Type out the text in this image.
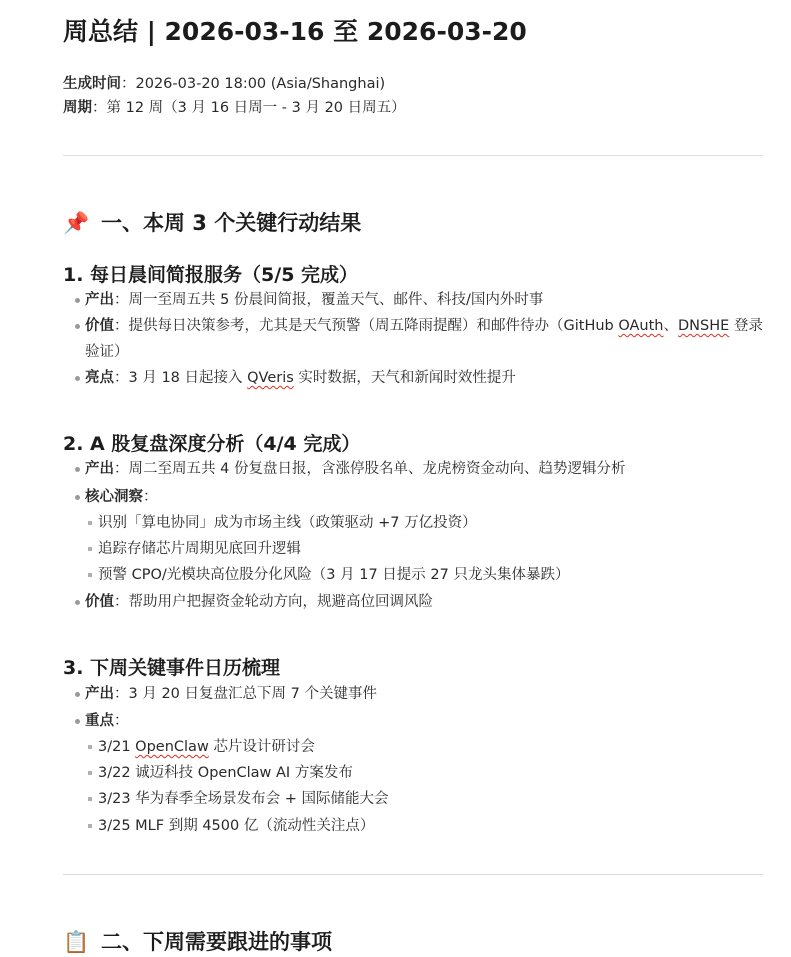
周总结 | 2026-03-16 至 2026-03-20
生成时间：2026-03-20 18:00 (Asia/Shanghai)
周期：第 12 周（3 月 16 日周一 - 3 月 20 日周五）
📌 一、本周 3 个关键行动结果
1. 每日晨间简报服务（5/5 完成）
产出：周一至周五共 5 份晨间简报，覆盖天气、邮件、科技/国内外时事
价值：提供每日决策参考，尤其是天气预警（周五降雨提醒）和邮件待办（GitHub OAuth、DNSHE 登录验证）
亮点：3 月 18 日起接入 QVeris 实时数据，天气和新闻时效性提升
2. A 股复盘深度分析（4/4 完成）
产出：周二至周五共 4 份复盘日报，含涨停股名单、龙虎榜资金动向、趋势逻辑分析
核心洞察：
识别「算电协同」成为市场主线（政策驱动 +7 万亿投资）
追踪存储芯片周期见底回升逻辑
预警 CPO/光模块高位股分化风险（3 月 17 日提示 27 只龙头集体暴跌）
价值：帮助用户把握资金轮动方向，规避高位回调风险
3. 下周关键事件日历梳理
产出：3 月 20 日复盘汇总下周 7 个关键事件
重点：
3/21 OpenClaw 芯片设计研讨会
3/22 诚迈科技 OpenClaw AI 方案发布
3/23 华为春季全场景发布会 + 国际储能大会
3/25 MLF 到期 4500 亿（流动性关注点）
📋 二、下周需要跟进的事项
